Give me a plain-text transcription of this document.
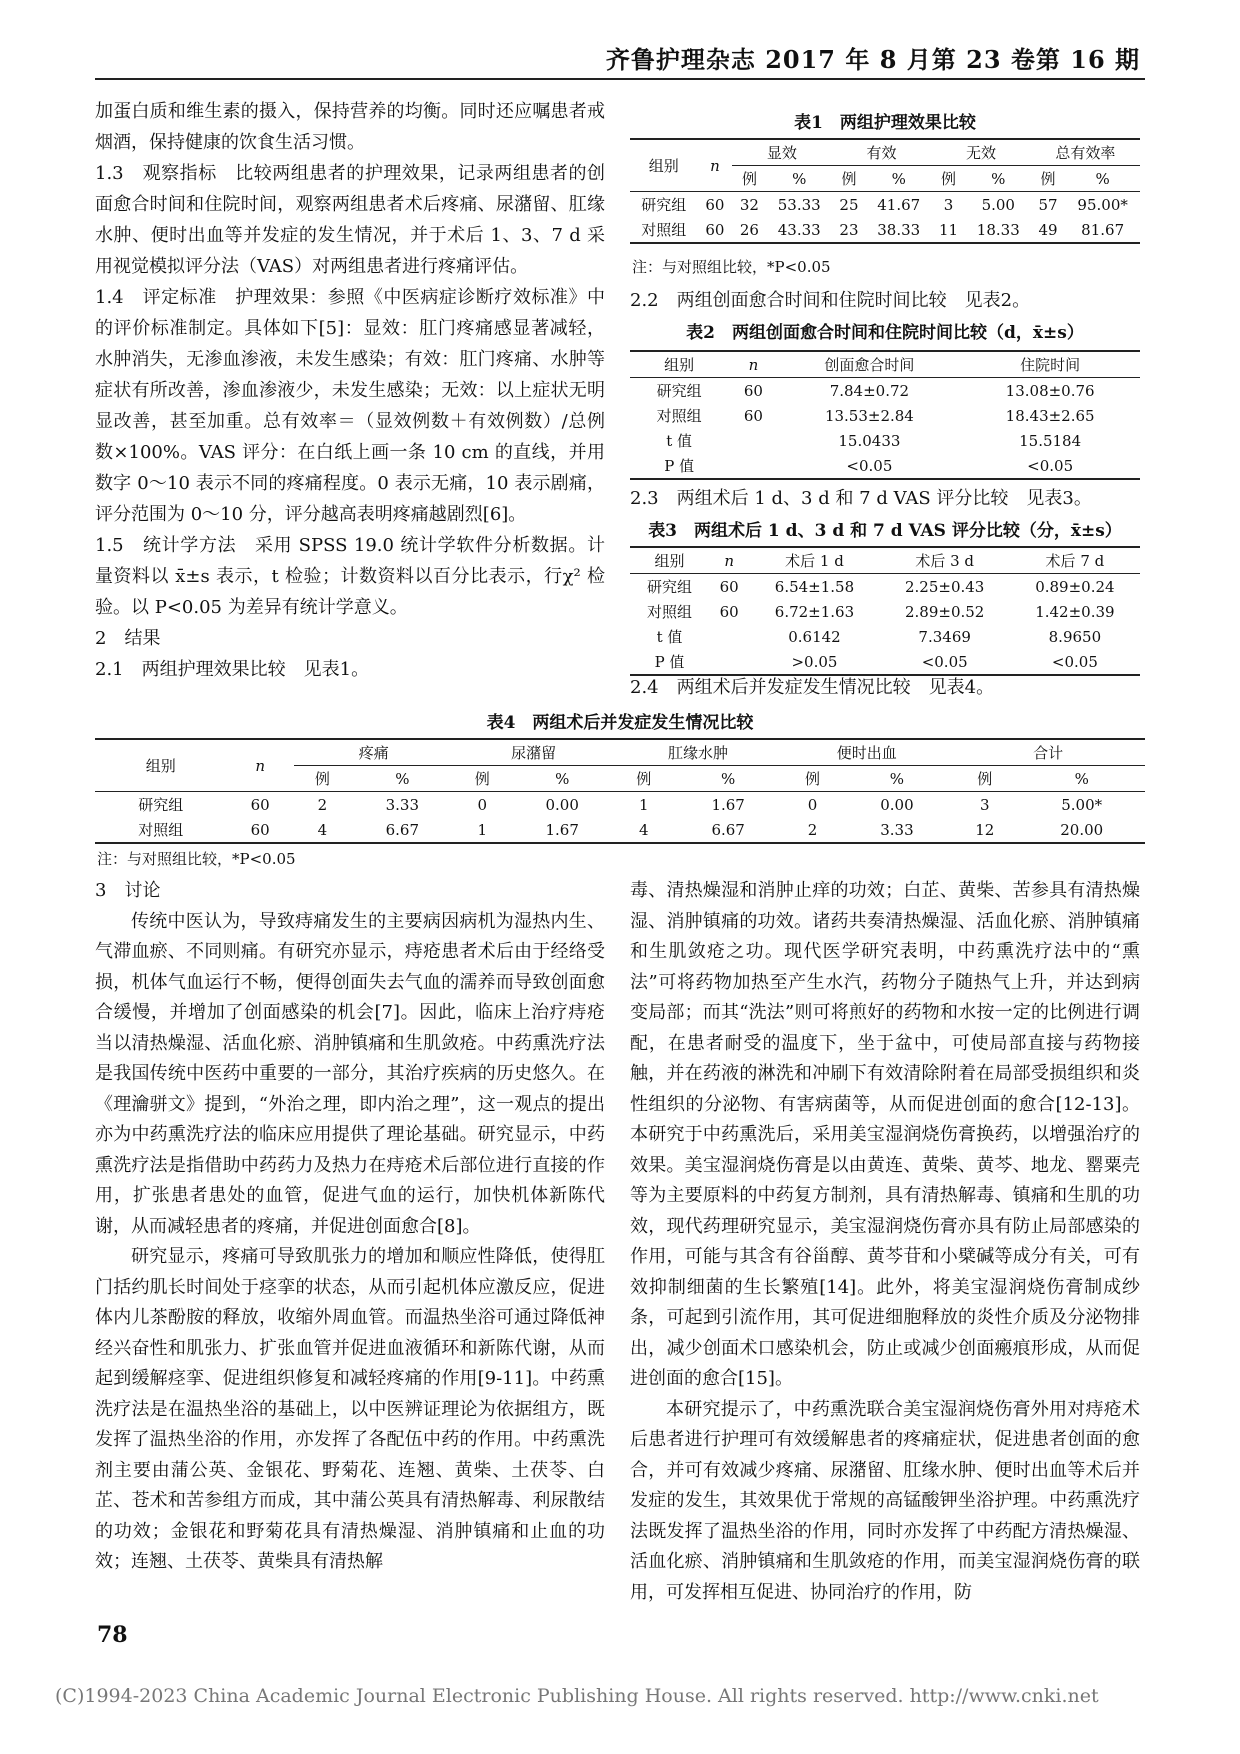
齐鲁护理杂志 2017 年 8 月第 23 卷第 16 期

加蛋白质和维生素的摄入，保持营养的均衡。同时还应嘱患者戒烟酒，保持健康的饮食生活习惯。

1.3　观察指标　比较两组患者的护理效果，记录两组患者的创面愈合时间和住院时间，观察两组患者术后疼痛、尿潴留、肛缘水肿、便时出血等并发症的发生情况，并于术后 1、3、7 d 采用视觉模拟评分法（VAS）对两组患者进行疼痛评估。

1.4　评定标准　护理效果：参照《中医病症诊断疗效标准》中的评价标准制定。具体如下[5]：显效：肛门疼痛感显著减轻，水肿消失，无渗血渗液，未发生感染；有效：肛门疼痛、水肿等症状有所改善，渗血渗液少，未发生感染；无效：以上症状无明显改善，甚至加重。总有效率＝（显效例数＋有效例数）/总例数×100%。VAS 评分：在白纸上画一条 10 cm 的直线，并用数字 0～10 表示不同的疼痛程度。0 表示无痛，10 表示剧痛，评分范围为 0～10 分，评分越高表明疼痛越剧烈[6]。

1.5　统计学方法　采用 SPSS 19.0 统计学软件分析数据。计量资料以 x̄±s 表示，t 检验；计数资料以百分比表示，行χ² 检验。以 P<0.05 为差异有统计学意义。

2　结果

2.1　两组护理效果比较　见表1。

表1　两组护理效果比较
组别	n	显效		有效		无效		总有效率	
		例	%	例	%	例	%	例	%
研究组	60	32	53.33	25	41.67	3	5.00	57	95.00*
对照组	60	26	43.33	23	38.33	11	18.33	49	81.67
注：与对照组比较，*P<0.05

2.2　两组创面愈合时间和住院时间比较　见表2。

表2　两组创面愈合时间和住院时间比较（d，x̄±s）
组别	n	创面愈合时间	住院时间
研究组	60	7.84±0.72	13.08±0.76
对照组	60	13.53±2.84	18.43±2.65
t 值		15.0433	15.5184
P 值		<0.05	<0.05

2.3　两组术后 1 d、3 d 和 7 d VAS 评分比较　见表3。

表3　两组术后 1 d、3 d 和 7 d VAS 评分比较（分，x̄±s）
组别	n	术后 1 d	术后 3 d	术后 7 d
研究组	60	6.54±1.58	2.25±0.43	0.89±0.24
对照组	60	6.72±1.63	2.89±0.52	1.42±0.39
t 值		0.6142	7.3469	8.9650
P 值		>0.05	<0.05	<0.05

2.4　两组术后并发症发生情况比较　见表4。

表4　两组术后并发症发生情况比较
组别	n	疼痛		尿潴留		肛缘水肿		便时出血		合计	
		例	%	例	%	例	%	例	%	例	%
研究组	60	2	3.33	0	0.00	1	1.67	0	0.00	3	5.00*
对照组	60	4	6.67	1	1.67	4	6.67	2	3.33	12	20.00
注：与对照组比较，*P<0.05

3　讨论

传统中医认为，导致痔痛发生的主要病因病机为湿热内生、气滞血瘀、不同则痛。有研究亦显示，痔疮患者术后由于经络受损，机体气血运行不畅，便得创面失去气血的濡养而导致创面愈合缓慢，并增加了创面感染的机会[7]。因此，临床上治疗痔疮当以清热燥湿、活血化瘀、消肿镇痛和生肌敛疮。中药熏洗疗法是我国传统中医药中重要的一部分，其治疗疾病的历史悠久。在《理瀹骈文》提到，“外治之理，即内治之理”，这一观点的提出亦为中药熏洗疗法的临床应用提供了理论基础。研究显示，中药熏洗疗法是指借助中药药力及热力在痔疮术后部位进行直接的作用，扩张患者患处的血管，促进气血的运行，加快机体新陈代谢，从而减轻患者的疼痛，并促进创面愈合[8]。

研究显示，疼痛可导致肌张力的增加和顺应性降低，使得肛门括约肌长时间处于痉挛的状态，从而引起机体应激反应，促进体内儿茶酚胺的释放，收缩外周血管。而温热坐浴可通过降低神经兴奋性和肌张力、扩张血管并促进血液循环和新陈代谢，从而起到缓解痉挛、促进组织修复和减轻疼痛的作用[9-11]。中药熏洗疗法是在温热坐浴的基础上，以中医辨证理论为依据组方，既发挥了温热坐浴的作用，亦发挥了各配伍中药的作用。中药熏洗剂主要由蒲公英、金银花、野菊花、连翘、黄柴、土茯苓、白芷、苍术和苦参组方而成，其中蒲公英具有清热解毒、利尿散结的功效；金银花和野菊花具有清热燥湿、消肿镇痛和止血的功效；连翘、土茯苓、黄柴具有清热解

毒、清热燥湿和消肿止痒的功效；白芷、黄柴、苦参具有清热燥湿、消肿镇痛的功效。诸药共奏清热燥湿、活血化瘀、消肿镇痛和生肌敛疮之功。现代医学研究表明，中药熏洗疗法中的“熏法”可将药物加热至产生水汽，药物分子随热气上升，并达到病变局部；而其“洗法”则可将煎好的药物和水按一定的比例进行调配，在患者耐受的温度下，坐于盆中，可使局部直接与药物接触，并在药液的淋洗和冲刷下有效清除附着在局部受损组织和炎性组织的分泌物、有害病菌等，从而促进创面的愈合[12-13]。本研究于中药熏洗后，采用美宝湿润烧伤膏换药，以增强治疗的效果。美宝湿润烧伤膏是以由黄连、黄柴、黄芩、地龙、罂粟壳等为主要原料的中药复方制剂，具有清热解毒、镇痛和生肌的功效，现代药理研究显示，美宝湿润烧伤膏亦具有防止局部感染的作用，可能与其含有谷甾醇、黄芩苷和小檗碱等成分有关，可有效抑制细菌的生长繁殖[14]。此外，将美宝湿润烧伤膏制成纱条，可起到引流作用，其可促进细胞释放的炎性介质及分泌物排出，减少创面术口感染机会，防止或减少创面瘢痕形成，从而促进创面的愈合[15]。

本研究提示了，中药熏洗联合美宝湿润烧伤膏外用对痔疮术后患者进行护理可有效缓解患者的疼痛症状，促进患者创面的愈合，并可有效减少疼痛、尿潴留、肛缘水肿、便时出血等术后并发症的发生，其效果优于常规的高锰酸钾坐浴护理。中药熏洗疗法既发挥了温热坐浴的作用，同时亦发挥了中药配方清热燥湿、活血化瘀、消肿镇痛和生肌敛疮的作用，而美宝湿润烧伤膏的联用，可发挥相互促进、协同治疗的作用，防

78
(C)1994-2023 China Academic Journal Electronic Publishing House. All rights reserved. http://www.cnki.net
